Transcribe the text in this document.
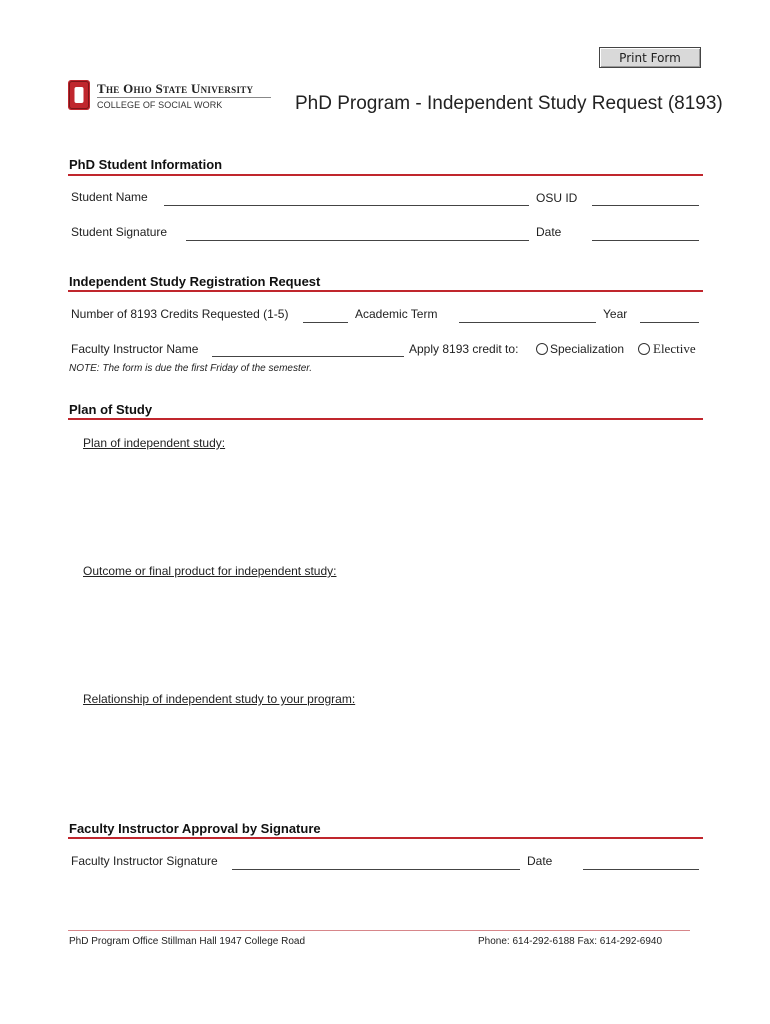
Print Form
The Ohio State University
COLLEGE OF SOCIAL WORK	PhD Program - Independent Study Request (8193)
PhD Student Information
Student Name	OSU ID
Student Signature	Date
Independent Study Registration Request
Number of 8193 Credits Requested (1-5)	Academic Term	Year
Faculty Instructor Name	Apply 8193 credit to:	Specialization Elective
NOTE: The form is due the first Friday of the semester.
Plan of Study
Plan of independent study:
Outcome or final product for independent study:
Relationship of independent study to your program:
Faculty Instructor Approval by Signature
Faculty Instructor Signature	Date
PhD Program Office Stillman Hall 1947 College Road	Phone: 614-292-6188 Fax: 614-292-6940
